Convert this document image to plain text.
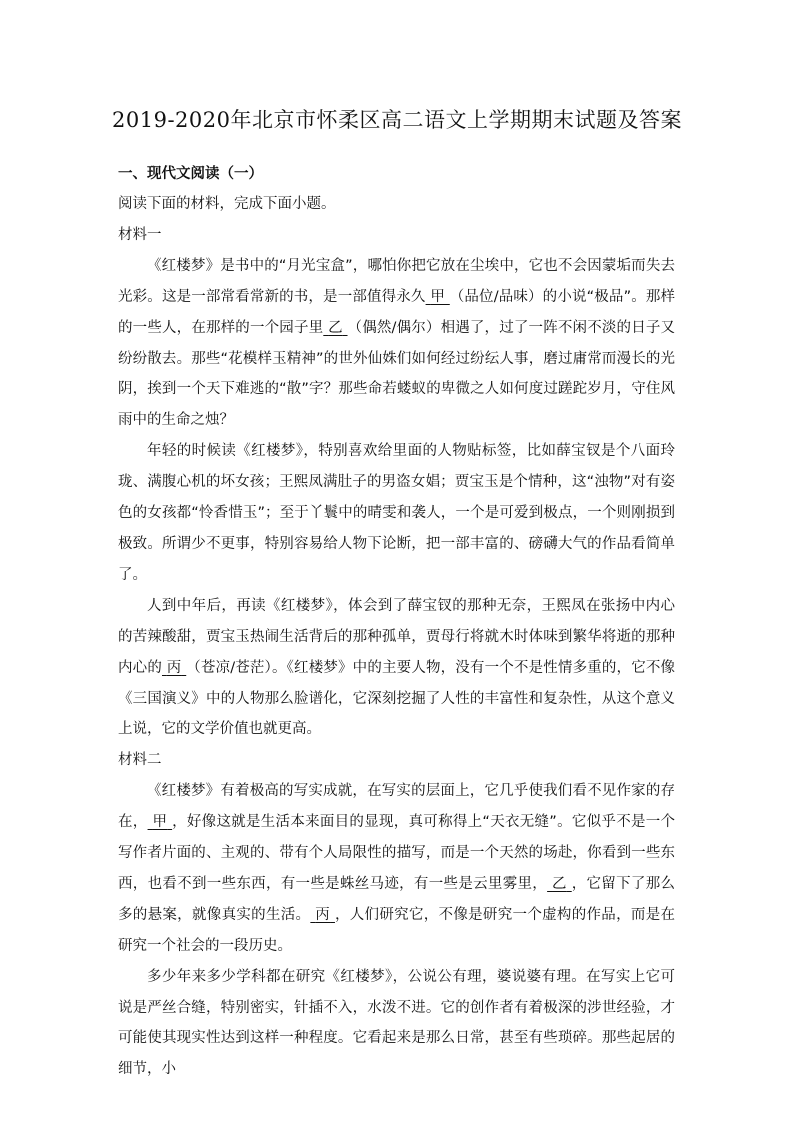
2019-2020年北京市怀柔区高二语文上学期期末试题及答案
一、现代文阅读（一）

阅读下面的材料，完成下面小题。

材料一

《红楼梦》是书中的“月光宝盒”，哪怕你把它放在尘埃中，它也不会因蒙垢而失去光彩。这是一部常看常新的书，是一部值得永久 甲 （品位/品味）的小说“极品”。那样的一些人，在那样的一个园子里 乙 （偶然/偶尔）相遇了，过了一阵不闲不淡的日子又纷纷散去。那些“花模样玉精神”的世外仙姝们如何经过纷纭人事，磨过庸常而漫长的光阴，挨到一个天下难逃的“散”字？那些命若蝼蚁的卑微之人如何度过蹉跎岁月，守住风雨中的生命之烛？

年轻的时候读《红楼梦》，特别喜欢给里面的人物贴标签，比如薛宝钗是个八面玲珑、满腹心机的坏女孩；王熙凤满肚子的男盗女娼；贾宝玉是个情种，这“浊物”对有姿色的女孩都“怜香惜玉”；至于丫鬟中的晴雯和袭人，一个是可爱到极点，一个则刚损到极致。所谓少不更事，特别容易给人物下论断，把一部丰富的、磅礴大气的作品看简单了。

人到中年后，再读《红楼梦》，体会到了薛宝钗的那种无奈，王熙凤在张扬中内心的苦辣酸甜，贾宝玉热闹生活背后的那种孤单，贾母行将就木时体味到繁华将逝的那种内心的 丙 （苍凉/苍茫）。《红楼梦》中的主要人物，没有一个不是性情多重的，它不像《三国演义》中的人物那么脸谱化，它深刻挖掘了人性的丰富性和复杂性，从这个意义上说，它的文学价值也就更高。

材料二

《红楼梦》有着极高的写实成就，在写实的层面上，它几乎使我们看不见作家的存在， 甲 ，好像这就是生活本来面目的显现，真可称得上“天衣无缝”。它似乎不是一个写作者片面的、主观的、带有个人局限性的描写，而是一个天然的场赴，你看到一些东西，也看不到一些东西，有一些是蛛丝马迹，有一些是云里雾里， 乙 ，它留下了那么多的悬案，就像真实的生活。 丙 ，人们研究它，不像是研究一个虚构的作品，而是在研究一个社会的一段历史。

多少年来多少学科都在研究《红楼梦》，公说公有理，婆说婆有理。在写实上它可说是严丝合缝，特别密实，针插不入，水泼不进。它的创作者有着极深的涉世经验，才可能使其现实性达到这样一种程度。它看起来是那么日常，甚至有些琐碎。那些起居的细节，小
